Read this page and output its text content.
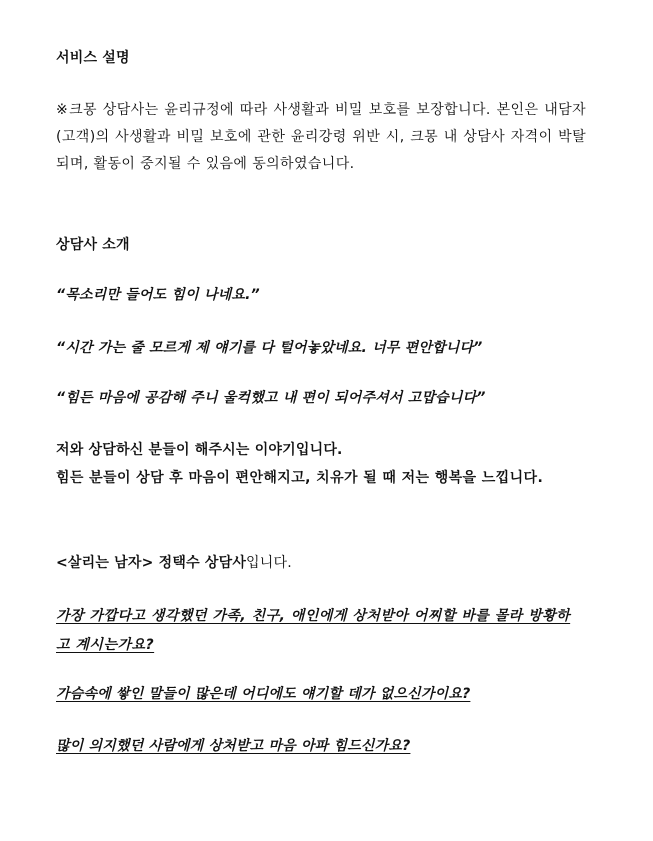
서비스 설명

※크몽 상담사는 윤리규정에 따라 사생활과 비밀 보호를 보장합니다. 본인은 내담자(고객)의 사생활과 비밀 보호에 관한 윤리강령 위반 시, 크몽 내 상담사 자격이 박탈되며, 활동이 중지될 수 있음에 동의하였습니다.

상담사 소개

“목소리만 들어도 힘이 나네요.”

“시간 가는 줄 모르게 제 얘기를 다 털어놓았네요. 너무 편안합니다”

“힘든 마음에 공감해 주니 울컥했고 내 편이 되어주셔서 고맙습니다”

저와 상담하신 분들이 해주시는 이야기입니다.

힘든 분들이 상담 후 마음이 편안해지고, 치유가 될 때 저는 행복을 느낍니다.

<살리는 남자> 정택수 상담사입니다.

가장 가깝다고 생각했던 가족, 친구, 애인에게 상처받아 어찌할 바를 몰라 방황하고 계시는가요?

가슴속에 쌓인 말들이 많은데 어디에도 얘기할 데가 없으신가이요?

많이 의지했던 사람에게 상처받고 마음 아파 힘드신가요?
